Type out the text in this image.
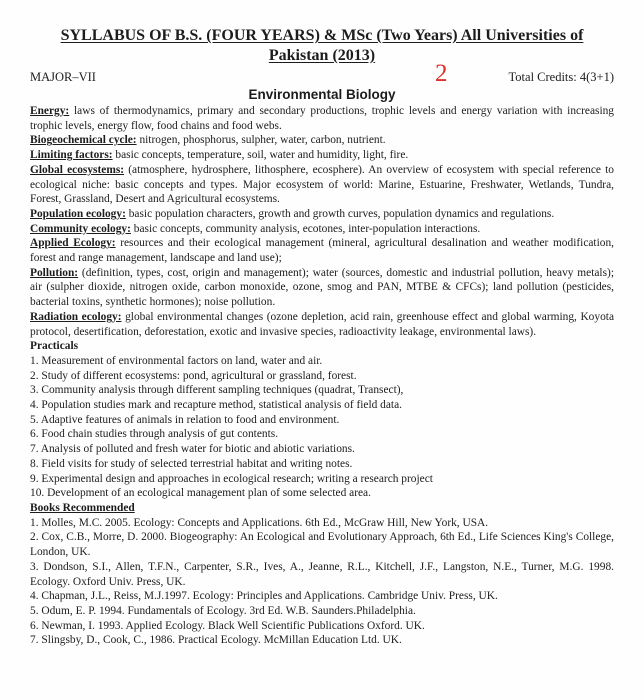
SYLLABUS OF B.S. (FOUR YEARS) & MSc (Two Years) All Universities of Pakistan (2013)
MAJOR–VII	2	Total Credits: 4(3+1)
Environmental Biology

Energy: laws of thermodynamics, primary and secondary productions, trophic levels and energy variation with increasing trophic levels, energy flow, food chains and food webs.

Biogeochemical cycle: nitrogen, phosphorus, sulpher, water, carbon, nutrient.

Limiting factors: basic concepts, temperature, soil, water and humidity, light, fire.

Global ecosystems: (atmosphere, hydrosphere, lithosphere, ecosphere). An overview of ecosystem with special reference to ecological niche: basic concepts and types. Major ecosystem of world: Marine, Estuarine, Freshwater, Wetlands, Tundra, Forest, Grassland, Desert and Agricultural ecosystems.

Population ecology: basic population characters, growth and growth curves, population dynamics and regulations.

Community ecology: basic concepts, community analysis, ecotones, inter-population interactions.

Applied Ecology: resources and their ecological management (mineral, agricultural desalination and weather modification, forest and range management, landscape and land use);

Pollution: (definition, types, cost, origin and management); water (sources, domestic and industrial pollution, heavy metals); air (sulpher dioxide, nitrogen oxide, carbon monoxide, ozone, smog and PAN, MTBE & CFCs); land pollution (pesticides, bacterial toxins, synthetic hormones); noise pollution.

Radiation ecology: global environmental changes (ozone depletion, acid rain, greenhouse effect and global warming, Koyota protocol, desertification, deforestation, exotic and invasive species, radioactivity leakage, environmental laws).

Practicals

1. Measurement of environmental factors on land, water and air.

2. Study of different ecosystems: pond, agricultural or grassland, forest.

3. Community analysis through different sampling techniques (quadrat, Transect),

4. Population studies mark and recapture method, statistical analysis of field data.

5. Adaptive features of animals in relation to food and environment.

6. Food chain studies through analysis of gut contents.

7. Analysis of polluted and fresh water for biotic and abiotic variations.

8. Field visits for study of selected terrestrial habitat and writing notes.

9. Experimental design and approaches in ecological research; writing a research project

10. Development of an ecological management plan of some selected area.

Books Recommended

1. Molles, M.C. 2005. Ecology: Concepts and Applications. 6th Ed., McGraw Hill, New York, USA.

2. Cox, C.B., Morre, D. 2000. Biogeography: An Ecological and Evolutionary Approach, 6th Ed., Life Sciences King's College, London, UK.

3. Dondson, S.I., Allen, T.F.N., Carpenter, S.R., Ives, A., Jeanne, R.L., Kitchell, J.F., Langston, N.E., Turner, M.G. 1998. Ecology. Oxford Univ. Press, UK.

4. Chapman, J.L., Reiss, M.J.1997. Ecology: Principles and Applications. Cambridge Univ. Press, UK.

5. Odum, E. P. 1994. Fundamentals of Ecology. 3rd Ed. W.B. Saunders.Philadelphia.

6. Newman, I. 1993. Applied Ecology. Black Well Scientific Publications Oxford. UK.

7. Slingsby, D., Cook, C., 1986. Practical Ecology. McMillan Education Ltd. UK.
